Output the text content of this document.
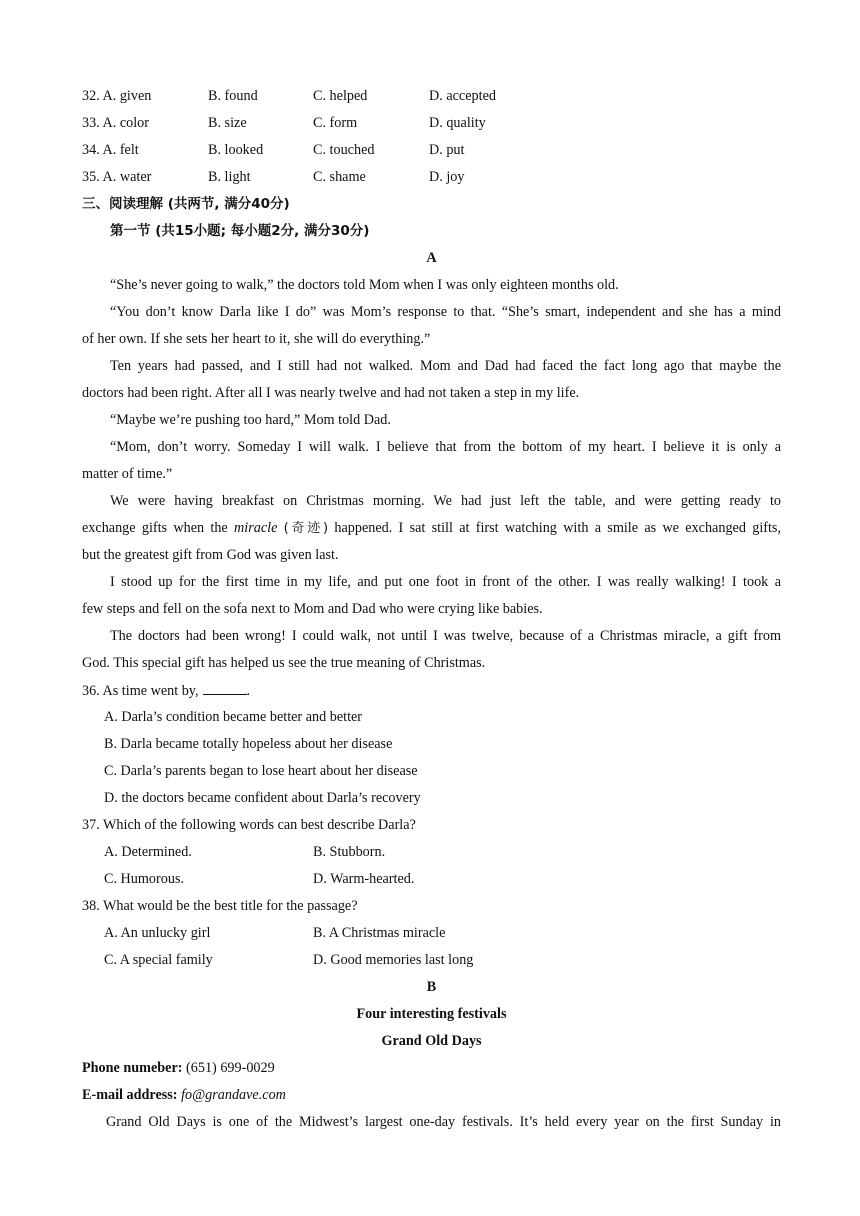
32. A. given	B. found	C. helped	D. accepted
33. A. color	B. size	C. form	D. quality
34. A. felt	B. looked	C. touched	D. put
35. A. water	B. light	C. shame	D. joy
三、阅读理解 (共两节, 满分40分)
第一节 (共15小题; 每小题2分, 满分30分)
A
“She’s never going to walk,” the doctors told Mom when I was only eighteen months old.
“You don’t know Darla like I do” was Mom’s response to that. “She’s smart, independent and she has a mind
of her own. If she sets her heart to it, she will do everything.”
Ten years had passed, and I still had not walked. Mom and Dad had faced the fact long ago that maybe the
doctors had been right. After all I was nearly twelve and had not taken a step in my life.
“Maybe we’re pushing too hard,” Mom told Dad.
“Mom, don’t worry. Someday I will walk. I believe that from the bottom of my heart. I believe it is only a
matter of time.”
We were having breakfast on Christmas morning. We had just left the table, and were getting ready to
exchange gifts when the miracle (奇迹) happened. I sat still at first watching with a smile as we exchanged gifts,
but the greatest gift from God was given last.
I stood up for the first time in my life, and put one foot in front of the other. I was really walking! I took a
few steps and fell on the sofa next to Mom and Dad who were crying like babies.
The doctors had been wrong! I could walk, not until I was twelve, because of a Christmas miracle, a gift from
God. This special gift has helped us see the true meaning of Christmas.
36. As time went by,	.
A. Darla’s condition became better and better
B. Darla became totally hopeless about her disease
C. Darla’s parents began to lose heart about her disease
D. the doctors became confident about Darla’s recovery
37. Which of the following words can best describe Darla?
A. Determined.	B. Stubborn.
C. Humorous.	D. Warm-hearted.
38. What would be the best title for the passage?
A. An unlucky girl	B. A Christmas miracle
C. A special family	D. Good memories last long
B
Four interesting festivals
Grand Old Days
Phone numeber: (651) 699-0029
E-mail address: fo@grandave.com
Grand Old Days is one of the Midwest’s largest one-day festivals. It’s held every year on the first Sunday in
